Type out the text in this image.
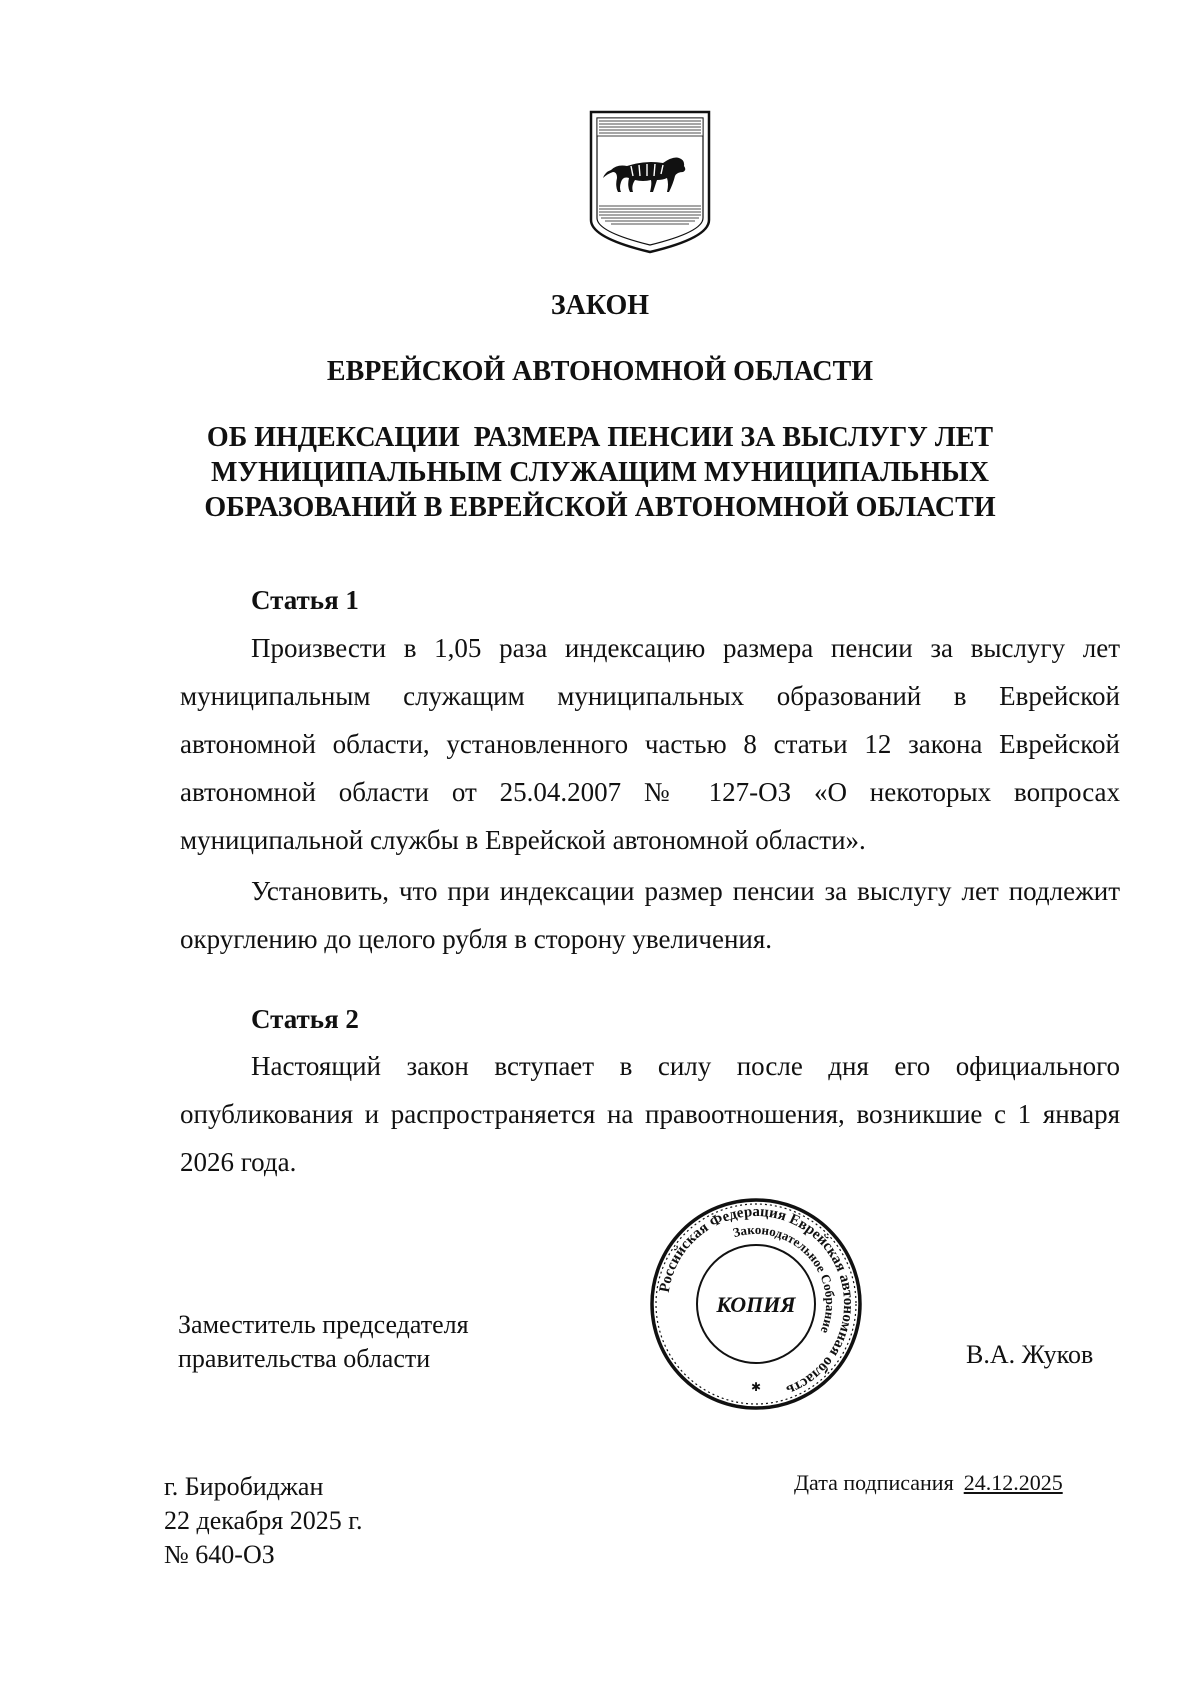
ЗАКОН
ЕВРЕЙСКОЙ АВТОНОМНОЙ ОБЛАСТИ
ОБ ИНДЕКСАЦИИ  РАЗМЕРА ПЕНСИИ ЗА ВЫСЛУГУ ЛЕТ
МУНИЦИПАЛЬНЫМ СЛУЖАЩИМ МУНИЦИПАЛЬНЫХ
ОБРАЗОВАНИЙ В ЕВРЕЙСКОЙ АВТОНОМНОЙ ОБЛАСТИ
Статья 1

Произвести в 1,05 раза индексацию размера пенсии за выслугу лет муниципальным служащим муниципальных образований в Еврейской автономной области, установленного частью 8 статьи 12 закона Еврейской автономной области от 25.04.2007 № 127-ОЗ «О некоторых вопросах муниципальной службы в Еврейской автономной области».

Установить, что при индексации размер пенсии за выслугу лет подлежит округлению до целого рубля в сторону увеличения.

Статья 2

Настоящий закон вступает в силу после дня его официального опубликования и распространяется на правоотношения, возникшие с 1 января 2026 года.

Заместитель председателя
правительства области	В.А. Жуков
Российская Федерация Еврейская автономная область
Законодательное Собрание
КОПИЯ
✱
г. Биробиджан
22 декабря 2025 г.
№ 640-ОЗ
Дата подписания 24.12.2025
